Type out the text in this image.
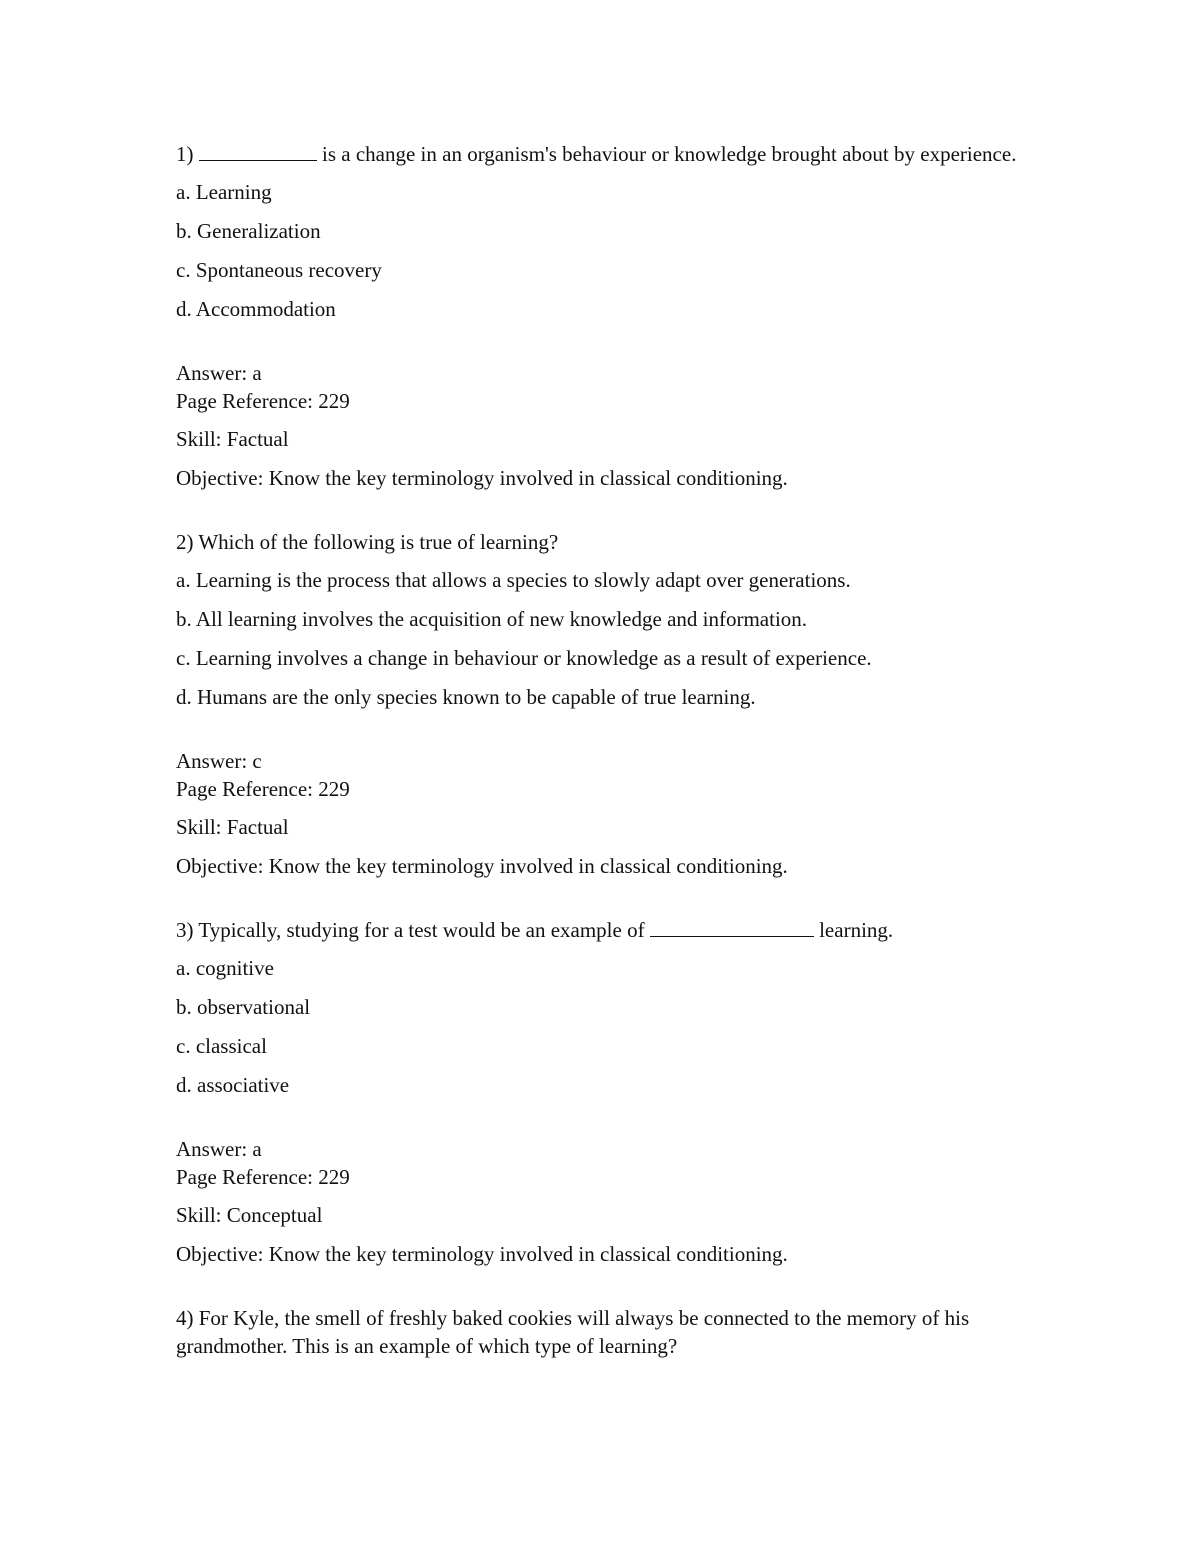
1)	is a change in an organism's behaviour or knowledge brought about by experience.
a. Learning
b. Generalization
c. Spontaneous recovery
d. Accommodation
Answer: a
Page Reference: 229
Skill: Factual
Objective: Know the key terminology involved in classical conditioning.
2) Which of the following is true of learning?
a. Learning is the process that allows a species to slowly adapt over generations.
b. All learning involves the acquisition of new knowledge and information.
c. Learning involves a change in behaviour or knowledge as a result of experience.
d. Humans are the only species known to be capable of true learning.
Answer: c
Page Reference: 229
Skill: Factual
Objective: Know the key terminology involved in classical conditioning.
3) Typically, studying for a test would be an example of	learning.
a. cognitive
b. observational
c. classical
d. associative
Answer: a
Page Reference: 229
Skill: Conceptual
Objective: Know the key terminology involved in classical conditioning.
4) For Kyle, the smell of freshly baked cookies will always be connected to the memory of his grandmother. This is an example of which type of learning?
